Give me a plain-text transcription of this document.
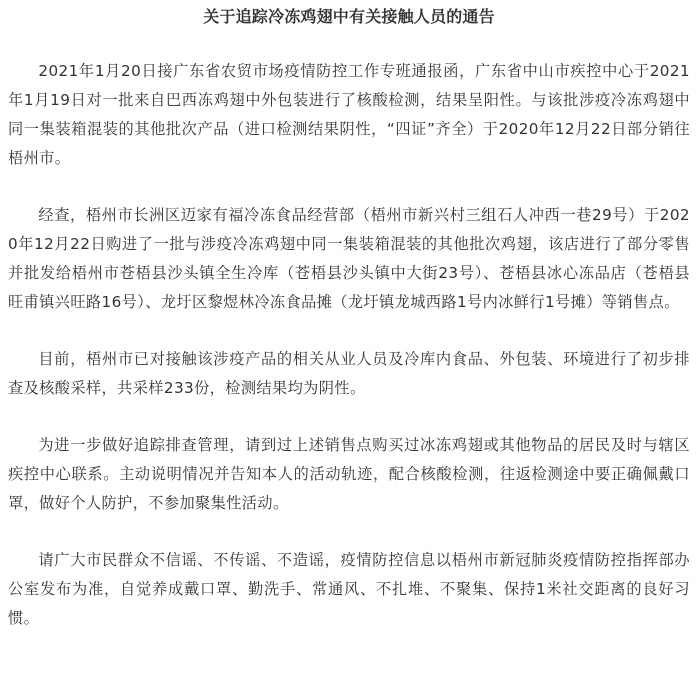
关于追踪冷冻鸡翅中有关接触人员的通告

2021年1月20日接广东省农贸市场疫情防控工作专班通报函，广东省中山市疾控中心于2021年1月19日对一批来自巴西冻鸡翅中外包装进行了核酸检测，结果呈阳性。与该批涉疫冷冻鸡翅中同一集装箱混装的其他批次产品（进口检测结果阴性，“四证”齐全）于2020年12月22日部分销往梧州市。

经查，梧州市长洲区迈家有福冷冻食品经营部（梧州市新兴村三组石人冲西一巷29号）于2020年12月22日购进了一批与涉疫冷冻鸡翅中同一集装箱混装的其他批次鸡翅，该店进行了部分零售并批发给梧州市苍梧县沙头镇全生冷库（苍梧县沙头镇中大街23号）、苍梧县冰心冻品店（苍梧县旺甫镇兴旺路16号）、龙圩区黎煜林冷冻食品摊（龙圩镇龙城西路1号内冰鲜行1号摊）等销售点。

目前，梧州市已对接触该涉疫产品的相关从业人员及冷库内食品、外包装、环境进行了初步排查及核酸采样，共采样233份，检测结果均为阴性。

为进一步做好追踪排查管理，请到过上述销售点购买过冰冻鸡翅或其他物品的居民及时与辖区疾控中心联系。主动说明情况并告知本人的活动轨迹，配合核酸检测，往返检测途中要正确佩戴口罩，做好个人防护，不参加聚集性活动。

请广大市民群众不信谣、不传谣、不造谣，疫情防控信息以梧州市新冠肺炎疫情防控指挥部办公室发布为准，自觉养成戴口罩、勤洗手、常通风、不扎堆、不聚集、保持1米社交距离的良好习惯。
